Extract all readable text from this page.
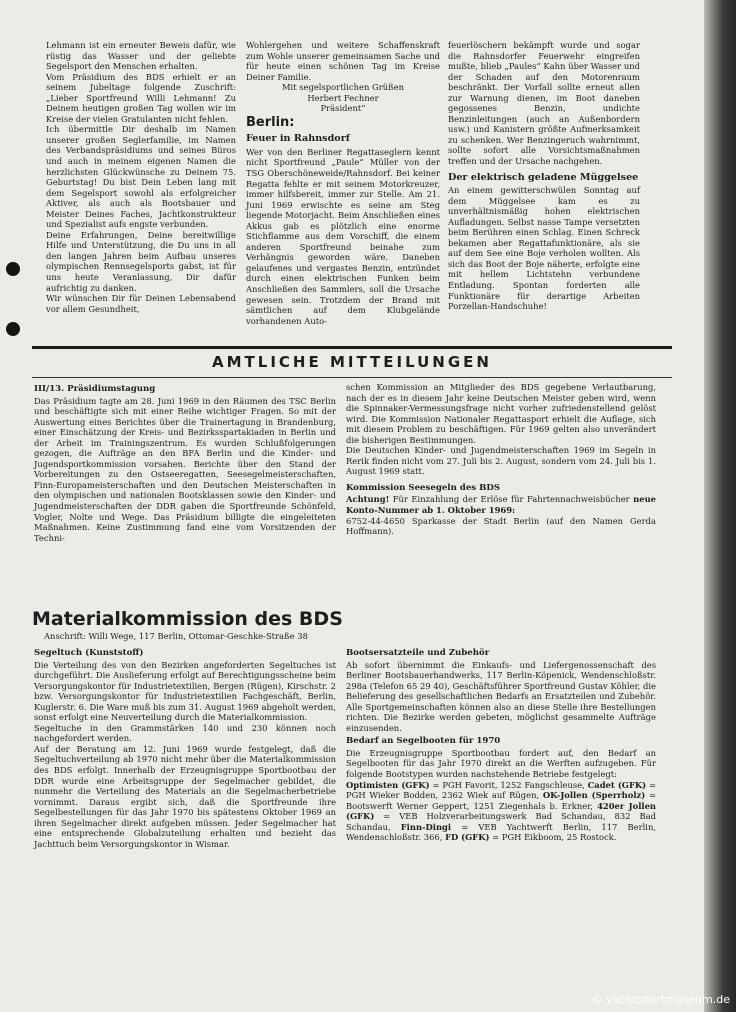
Lehmann ist ein erneuter Beweis dafür, wie rüstig das Wasser und der geliebte Segelsport den Menschen erhalten.

Vom Präsidium des BDS erhielt er an seinem Jubeltage folgende Zuschrift: „Lieber Sportfreund Willi Lehmann! Zu Deinem heutigen großen Tag wollen wir im Kreise der vielen Gratulanten nicht fehlen.

Ich übermittle Dir deshalb im Namen unserer großen Seglerfamilie, im Namen des Verbandspräsidiums und seines Büros und auch in meinem eigenen Namen die herzlichsten Glückwünsche zu Deinem 75. Geburtstag! Du bist Dein Leben lang mit dem Segelsport sowohl als erfolgreicher Aktiver, als auch als Bootsbauer und Meister Deines Faches, Jachtkonstrukteur und Spezialist aufs engste verbunden.

Deine Erfahrungen, Deine bereitwillige Hilfe und Unterstützung, die Du uns in all den langen Jahren beim Aufbau unseres olympischen Rennsegelsports gabst, ist für uns heute Veranlassung, Dir dafür aufrichtig zu danken.

Wir wünschen Dir für Deinen Lebensabend vor allem Gesundheit,

Wohlergehen und weitere Schaffenskraft zum Wohle unserer gemeinsamen Sache und für heute einen schönen Tag im Kreise Deiner Familie.

Mit segelsportlichen Grüßen

Herbert Fechner

Präsident“

Berlin:
Feuer in Rahnsdorf

Wer von den Berliner Regattaseglern kennt nicht Sportfreund „Paule“ Müller von der TSG Oberschöneweide/Rahnsdorf. Bei keiner Regatta fehlte er mit seinem Motorkreuzer, immer hilfsbereit, immer zur Stelle. Am 21. Juni 1969 erwischte es seine am Steg liegende Motorjacht. Beim Anschließen eines Akkus gab es plötzlich eine enorme Stichflamme aus dem Vorschiff, die einem anderen Sportfreund beinahe zum Verhängnis geworden wäre. Daneben gelaufenes und vergastes Benzin, entzündet durch einen elektrischen Funken beim Anschließen des Sammlers, soll die Ursache gewesen sein. Trotzdem der Brand mit sämtlichen auf dem Klubgelände vorhandenen Auto-

feuerlöschern bekämpft wurde und sogar die Rahnsdorfer Feuerwehr eingreifen mußte, blieb „Paules“ Kahn über Wasser und der Schaden auf den Motorenraum beschränkt. Der Vorfall sollte erneut allen zur Warnung dienen, im Boot daneben gegossenes Benzin, undichte Benzinleitungen (auch an Außenbordern usw.) und Kanistern größte Aufmerksamkeit zu schenken. Wer Benzingeruch wahrnimmt, sollte sofort alle Vorsichtsmaßnahmen treffen und der Ursache nachgehen.

Der elektrisch geladene Müggelsee

An einem gewitterschwülen Sonntag auf dem Müggelsee kam es zu unverhältnismäßig hohen elektrischen Aufladungen. Selbst nasse Tampe versetzten beim Berühren einen Schlag. Einen Schreck bekamen aber Regattafunktionäre, als sie auf dem See eine Boje verholen wollten. Als sich das Boot der Boje näherte, erfolgte eine mit hellem Lichtstehn verbundene Entladung. Spontan forderten alle Funktionäre für derartige Arbeiten Porzellan-Handschuhe!

AMTLICHE MITTEILUNGEN
III/13. Präsidiumstagung

Das Präsidium tagte am 28. Juni 1969 in den Räumen des TSC Berlin und beschäftigte sich mit einer Reihe wichtiger Fragen. So mit der Auswertung eines Berichtes über die Trainertagung in Brandenburg, einer Einschätzung der Kreis- und Bezirksspartakiaden in Berlin und der Arbeit im Trainingszentrum. Es wurden Schlußfolgerungen gezogen, die Aufträge an den BFA Berlin und die Kinder- und Jugendsportkommission vorsahen. Berichte über den Stand der Vorbereitungen zu den Ostseeregatten, Seesegelmeisterschaften, Finn-Europameisterschaften und den Deutschen Meisterschaften in den olympischen und nationalen Bootsklassen sowie den Kinder- und Jugendmeisterschaften der DDR gaben die Sportfreunde Schönfeld, Vogler, Nolte und Wege. Das Präsidium billigte die eingeleiteten Maßnahmen. Keine Zustimmung fand eine vom Vorsitzenden der Techni-

schen Kommission an Mitglieder des BDS gegebene Verlautbarung, nach der es in diesem Jahr keine Deutschen Meister geben wird, wenn die Spinnaker-Vermessungsfrage nicht vorher zufriedenstellend gelöst wird. Die Kommission Nationaler Regattasport erhielt die Auflage, sich mit diesem Problem zu beschäftigen. Für 1969 gelten also unverändert die bisherigen Bestimmungen.

Die Deutschen Kinder- und Jugendmeisterschaften 1969 im Segeln in Rerik finden nicht vom 27. Juli bis 2. August, sondern vom 24. Juli bis 1. August 1969 statt.

Kommission Seesegeln des BDS

Achtung! Für Einzahlung der Erlöse für Fahrtennachweisbücher neue Konto-Nummer ab 1. Oktober 1969:

6752-44-4650 Sparkasse der Stadt Berlin (auf den Namen Gerda Hoffmann).

Materialkommission des BDS
Anschrift: Willi Wege, 117 Berlin, Ottomar-Geschke-Straße 38
Segeltuch (Kunststoff)

Die Verteilung des von den Bezirken angeforderten Segeltuches ist durchgeführt. Die Auslieferung erfolgt auf Berechtigungsscheine beim Versorgungskontor für Industrietextilien, Bergen (Rügen), Kirschstr. 2 bzw. Versorgungskontor für Industrietextilien Fachgeschäft, Berlin, Kuglerstr. 6. Die Ware muß bis zum 31. August 1969 abgeholt werden, sonst erfolgt eine Neuverteilung durch die Materialkommission.

Segeltuche in den Grammstärken 140 und 230 können noch nachgefordert werden.

Auf der Beratung am 12. Juni 1969 wurde festgelegt, daß die Segeltuchverteilung ab 1970 nicht mehr über die Materialkommission des BDS erfolgt. Innerhalb der Erzeugnisgruppe Sportbootbau der DDR wurde eine Arbeitsgruppe der Segelmacher gebildet, die nunmehr die Verteilung des Materials an die Segelmacherbetriebe vornimmt. Daraus ergibt sich, daß die Sportfreunde ihre Segelbestellungen für das Jahr 1970 bis spätestens Oktober 1969 an ihren Segelmacher direkt aufgeben müssen. Jeder Segelmacher hat eine entsprechende Globalzuteilung erhalten und bezieht das Jachttuch beim Versorgungskontor in Wismar.

Bootsersatzteile und Zubehör

Ab sofort übernimmt die Einkaufs- und Liefergenossenschaft des Berliner Bootsbauerhandwerks, 117 Berlin-Köpenick, Wendenschloßstr. 298a (Telefon 65 29 40), Geschäftsführer Sportfreund Gustav Köhler, die Belieferung des gesellschaftlichen Bedarfs an Ersatzteilen und Zubehör. Alle Sportgemeinschaften können also an diese Stelle ihre Bestellungen richten. Die Bezirke werden gebeten, möglichst gesammelte Aufträge einzusenden.

Bedarf an Segelbooten für 1970

Die Erzeugnisgruppe Sportbootbau fordert auf, den Bedarf an Segelbooten für das Jahr 1970 direkt an die Werften aufzugeben. Für folgende Bootstypen wurden nachstehende Betriebe festgelegt:

Optimisten (GFK) = PGH Favorit, 1252 Fangschleuse, Cadet (GFK) = PGH Wieker Bodden, 2362 Wiek auf Rügen, OK-Jollen (Sperrholz) = Bootswerft Werner Geppert, 1251 Ziegenhals b. Erkner, 420er Jollen (GFK) = VEB Holzverarbeitungswerk Bad Schandau, 832 Bad Schandau, Finn-Dingi = VEB Yachtwerft Berlin, 117 Berlin, Wendenschloßstr. 366, FD (GFK) = PGH Eikboom, 25 Rostock.

© yachtsportmuseum.de
